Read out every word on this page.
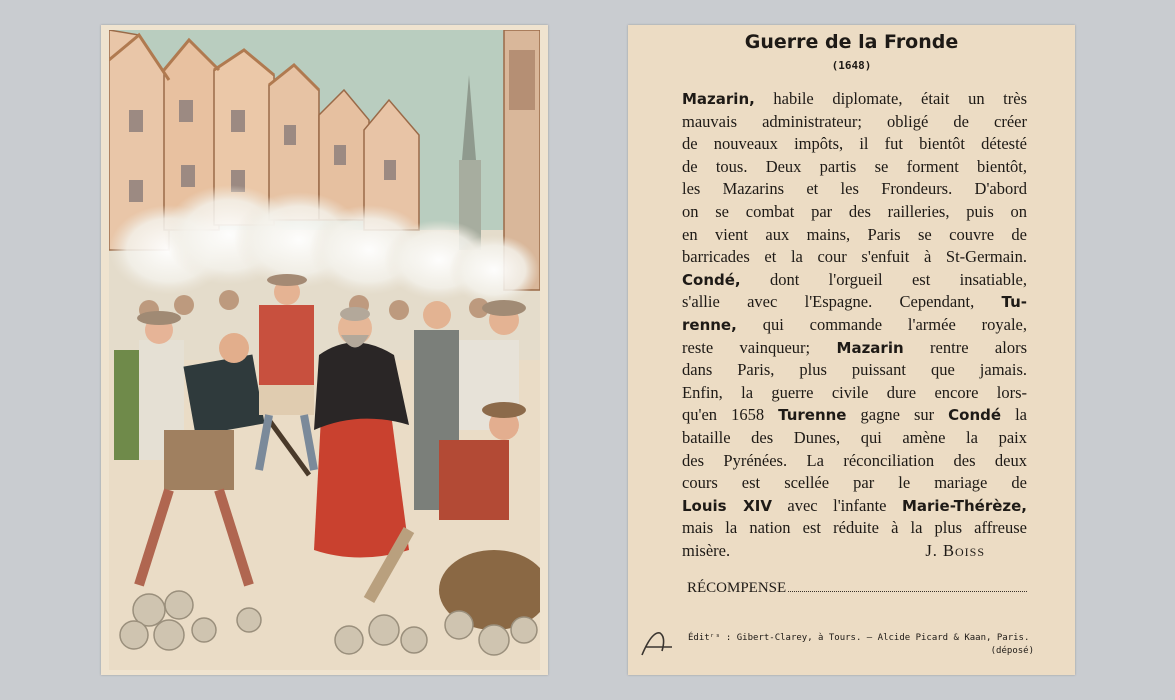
Guerre de la Fronde
(1648)
Mazarin, habile diplomate, était un très
mauvais administrateur; obligé de créer
de nouveaux impôts, il fut bientôt détesté
de tous. Deux partis se forment bientôt,
les Mazarins et les Frondeurs. D'abord
on se combat par des railleries, puis on
en vient aux mains, Paris se couvre de
barricades et la cour s'enfuit à St-Germain.
Condé, dont l'orgueil est insatiable,
s'allie avec l'Espagne. Cependant, Tu-
renne, qui commande l'armée royale,
reste vainqueur; Mazarin rentre alors
dans Paris, plus puissant que jamais.
Enfin, la guerre civile dure encore lors-
qu'en 1658 Turenne gagne sur Condé la
bataille des Dunes, qui amène la paix
des Pyrénées. La réconciliation des deux
cours est scellée par le mariage de
Louis XIV avec l'infante Marie-Thérèze,
mais la nation est réduite à la plus affreuse
misère.	J. Boiss
RÉCOMPENSE
Éditʳˢ : Gibert-Clarey, à Tours. — Alcide Picard & Kaan, Paris.
(déposé)
